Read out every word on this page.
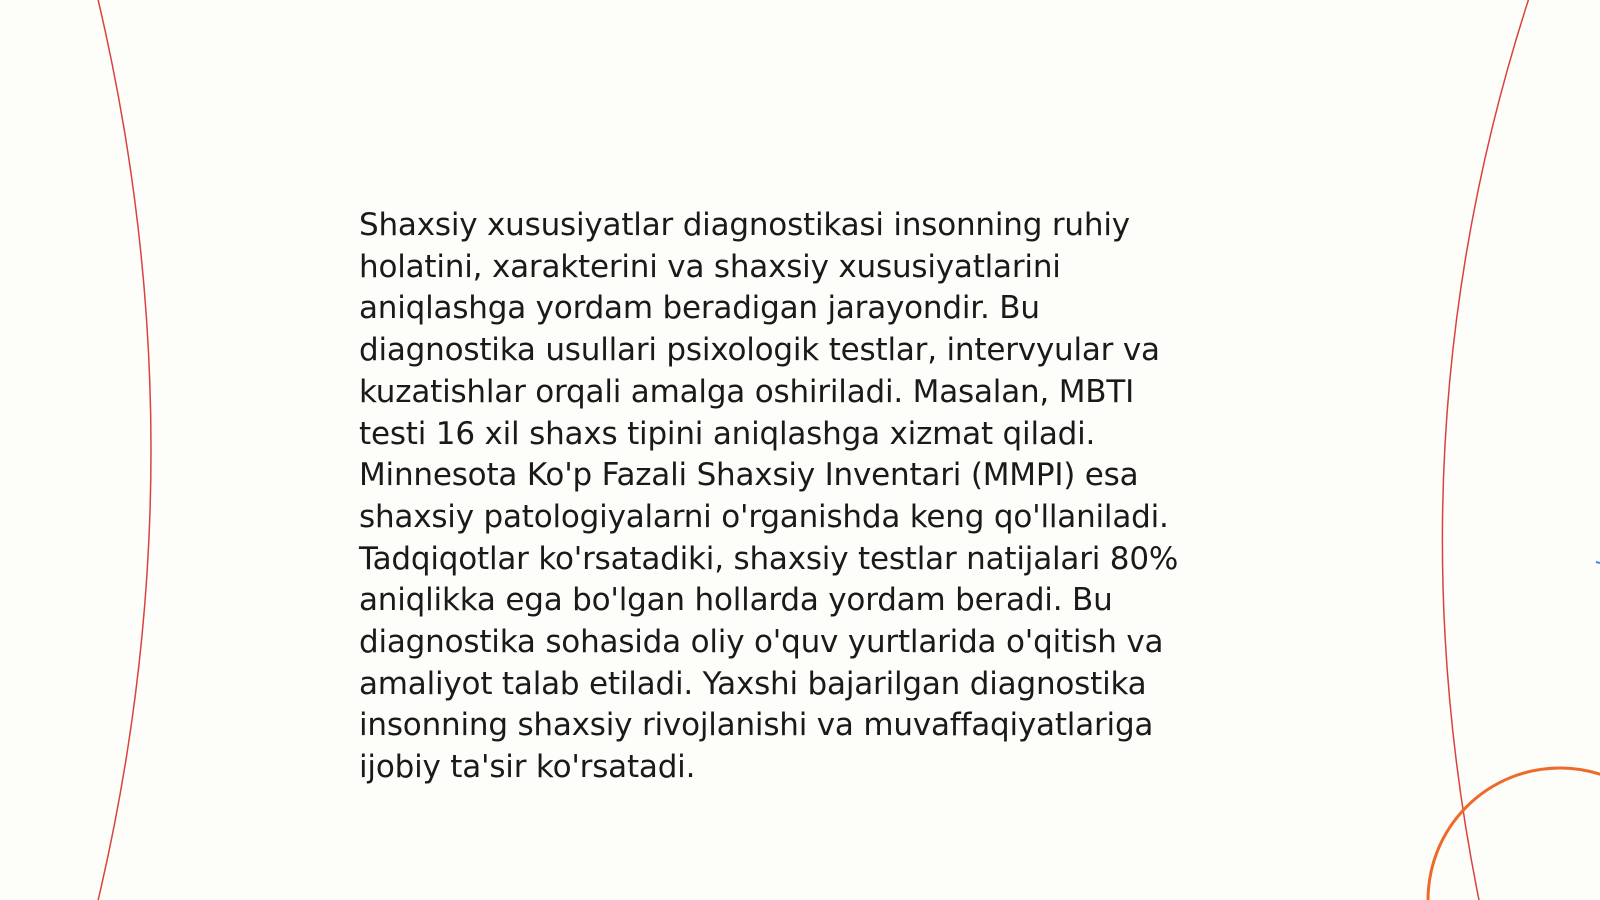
Shaxsiy xususiyatlar diagnostikasi insonning ruhiy
holatini, xarakterini va shaxsiy xususiyatlarini
aniqlashga yordam beradigan jarayondir. Bu
diagnostika usullari psixologik testlar, intervyular va
kuzatishlar orqali amalga oshiriladi. Masalan, MBTI
testi 16 xil shaxs tipini aniqlashga xizmat qiladi.
Minnesota Ko'p Fazali Shaxsiy Inventari (MMPI) esa
shaxsiy patologiyalarni o'rganishda keng qo'llaniladi.
Tadqiqotlar ko'rsatadiki, shaxsiy testlar natijalari 80%
aniqlikka ega bo'lgan hollarda yordam beradi. Bu
diagnostika sohasida oliy o'quv yurtlarida o'qitish va
amaliyot talab etiladi. Yaxshi bajarilgan diagnostika
insonning shaxsiy rivojlanishi va muvaffaqiyatlariga
ijobiy ta'sir ko'rsatadi.
